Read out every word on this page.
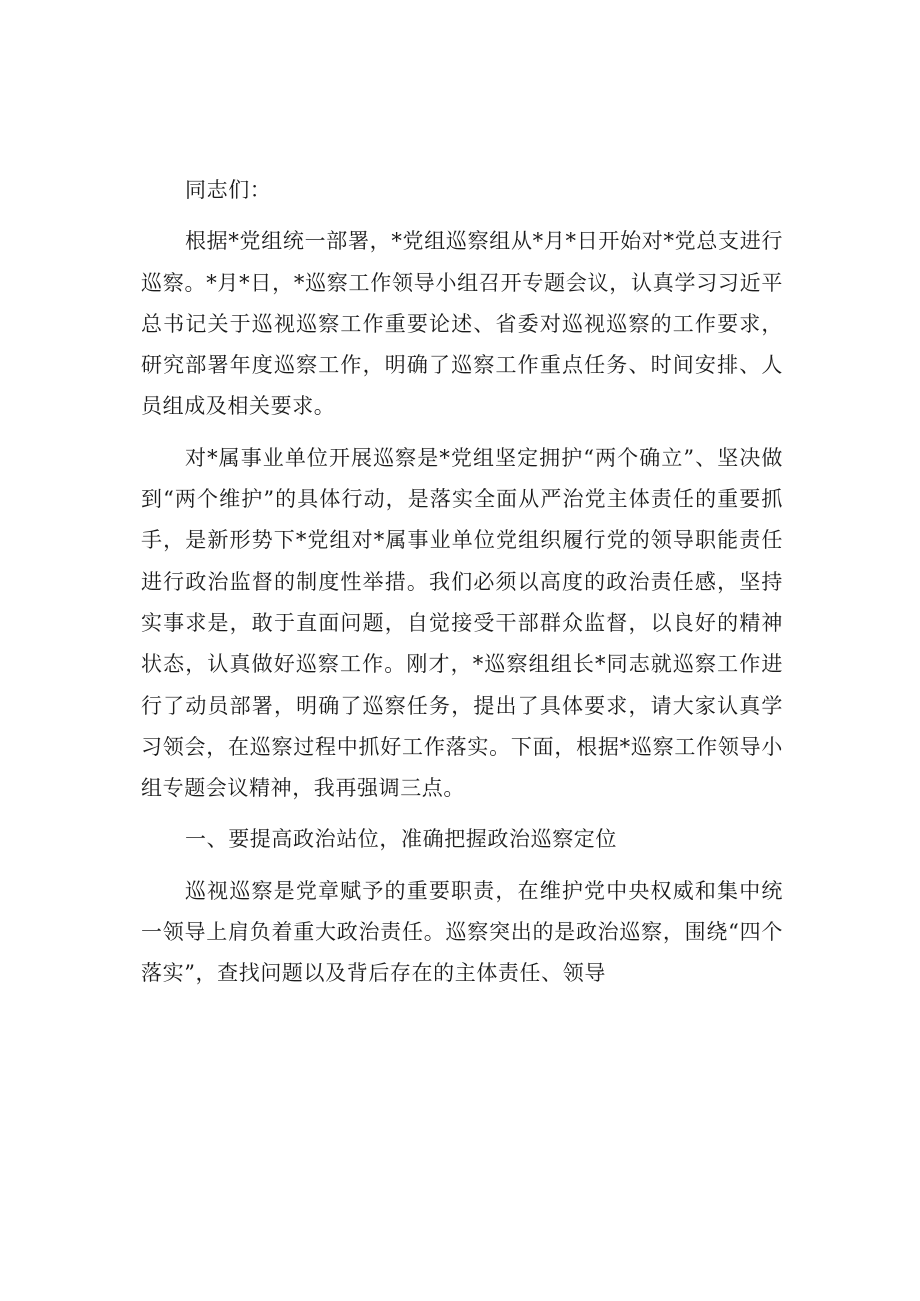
同志们：

根据*党组统一部署，*党组巡察组从*月*日开始对*党总支进行巡察。*月*日，*巡察工作领导小组召开专题会议，认真学习习近平总书记关于巡视巡察工作重要论述、省委对巡视巡察的工作要求，研究部署年度巡察工作，明确了巡察工作重点任务、时间安排、人员组成及相关要求。

对*属事业单位开展巡察是*党组坚定拥护“两个确立”、坚决做到“两个维护”的具体行动，是落实全面从严治党主体责任的重要抓手，是新形势下*党组对*属事业单位党组织履行党的领导职能责任进行政治监督的制度性举措。我们必须以高度的政治责任感，坚持实事求是，敢于直面问题，自觉接受干部群众监督，以良好的精神状态，认真做好巡察工作。刚才，*巡察组组长*同志就巡察工作进行了动员部署，明确了巡察任务，提出了具体要求，请大家认真学习领会，在巡察过程中抓好工作落实。下面，根据*巡察工作领导小组专题会议精神，我再强调三点。

一、要提高政治站位，准确把握政治巡察定位

巡视巡察是党章赋予的重要职责，在维护党中央权威和集中统一领导上肩负着重大政治责任。巡察突出的是政治巡察，围绕“四个落实”，查找问题以及背后存在的主体责任、领导
